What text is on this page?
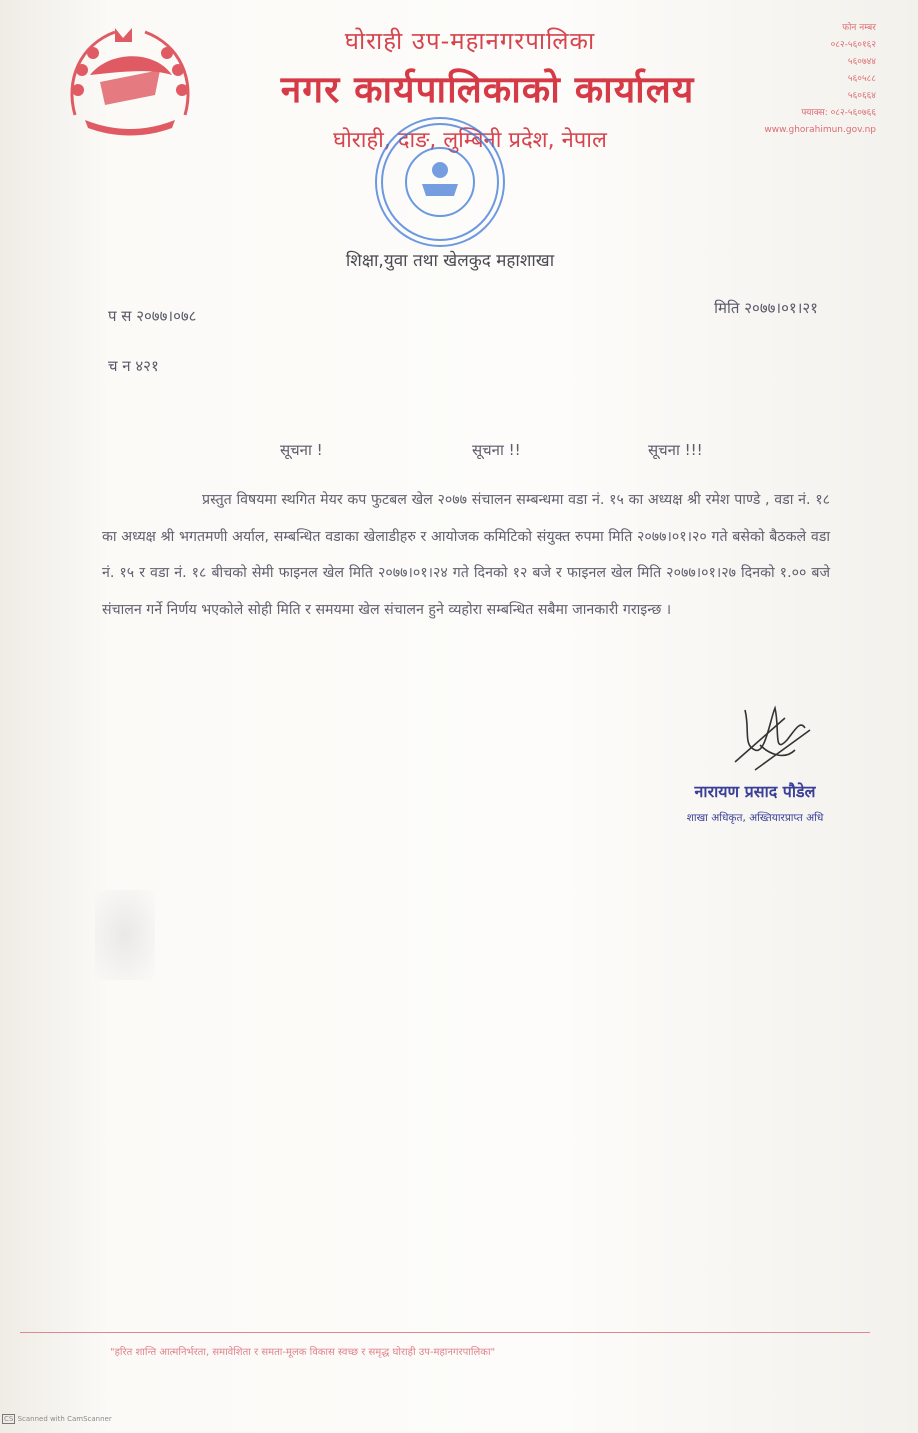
घोराही उप-महानगरपालिका
नगर कार्यपालिकाको कार्यालय
घोराही, दाङ, लुम्बिनी प्रदेश, नेपाल
फोन नम्बर
०८२-५६०१६२
५६०७४४
५६०५८८
५६०६६४
फ्याक्स: ०८२-५६०७६६
www.ghorahimun.gov.np
शिक्षा,युवा तथा खेलकुद महाशाखा
प स २०७७।०७८	मिति २०७७।०१।२१
च न ४२१
सूचना !	सूचना !!	सूचना !!!
प्रस्तुत विषयमा स्थगित मेयर कप फुटबल खेल २०७७ संचालन सम्बन्धमा वडा नं. १५ का अध्यक्ष श्री रमेश पाण्डे , वडा नं. १८ का अध्यक्ष श्री भगतमणी अर्याल, सम्बन्धित वडाका खेलाडीहरु र आयोजक कमिटिको संयुक्त रुपमा मिति २०७७।०१।२० गते बसेको बैठकले वडा नं. १५ र वडा नं. १८ बीचको सेमी फाइनल खेल मिति २०७७।०१।२४ गते दिनको १२ बजे र फाइनल खेल मिति २०७७।०१।२७ दिनको १.०० बजे संचालन गर्ने निर्णय भएकोले सोही मिति र समयमा खेल संचालन हुने व्यहोरा सम्बन्धित सबैमा जानकारी गराइन्छ ।
नारायण प्रसाद पौडेल
शाखा अधिकृत, अख्तियारप्राप्त अधि
"हरित शान्ति आत्मनिर्भरता, समावेशिता र समता-मूलक विकास स्वच्छ र समृद्ध घोराही उप-महानगरपालिका"
CS Scanned with CamScanner
